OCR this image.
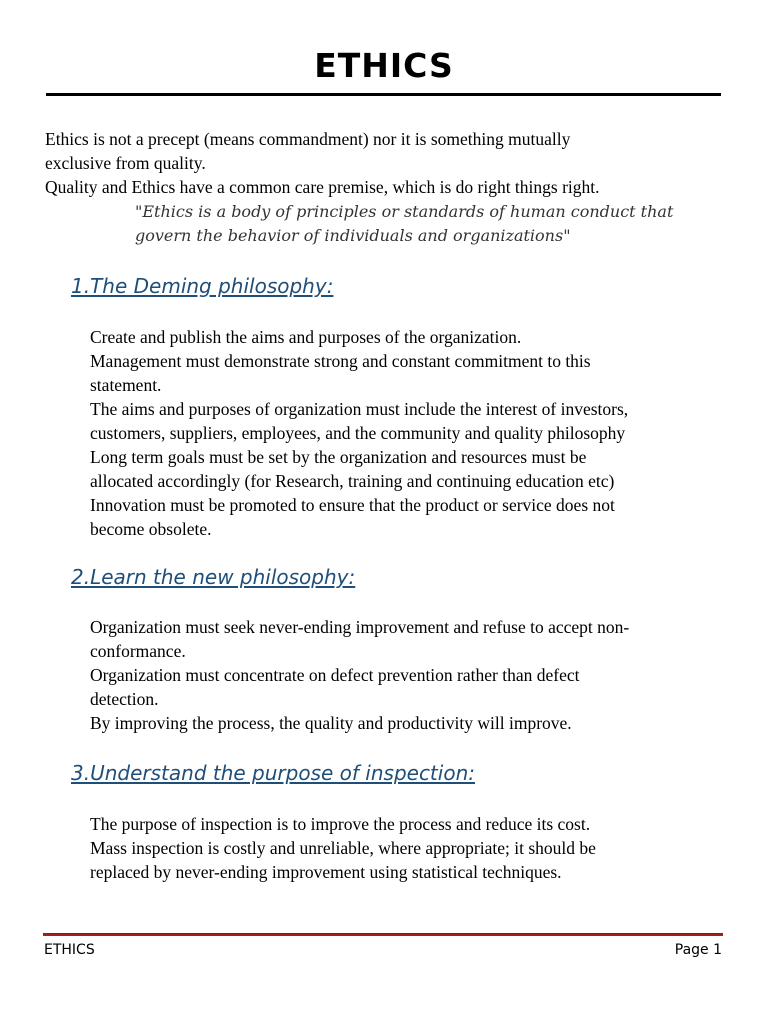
ETHICS

Ethics is not a precept (means commandment) nor it is something mutually

exclusive from quality.

Quality and Ethics have a common care premise, which is do right things right.

"Ethics is a body of principles or standards of human conduct that

govern the behavior of individuals and organizations"

1.The Deming philosophy:

Create and publish the aims and purposes of the organization.

Management must demonstrate strong and constant commitment to this

statement.

The aims and purposes of organization must include the interest of investors,

customers, suppliers, employees, and the community and quality philosophy

Long term goals must be set by the organization and resources must be

allocated accordingly (for Research, training and continuing education etc)

Innovation must be promoted to ensure that the product or service does not

become obsolete.

2.Learn the new philosophy:

Organization must seek never-ending improvement and refuse to accept non-

conformance.

Organization must concentrate on defect prevention rather than defect

detection.

By improving the process, the quality and productivity will improve.

3.Understand the purpose of inspection:

The purpose of inspection is to improve the process and reduce its cost.

Mass inspection is costly and unreliable, where appropriate; it should be

replaced by never-ending improvement using statistical techniques.

ETHICS	Page 1
